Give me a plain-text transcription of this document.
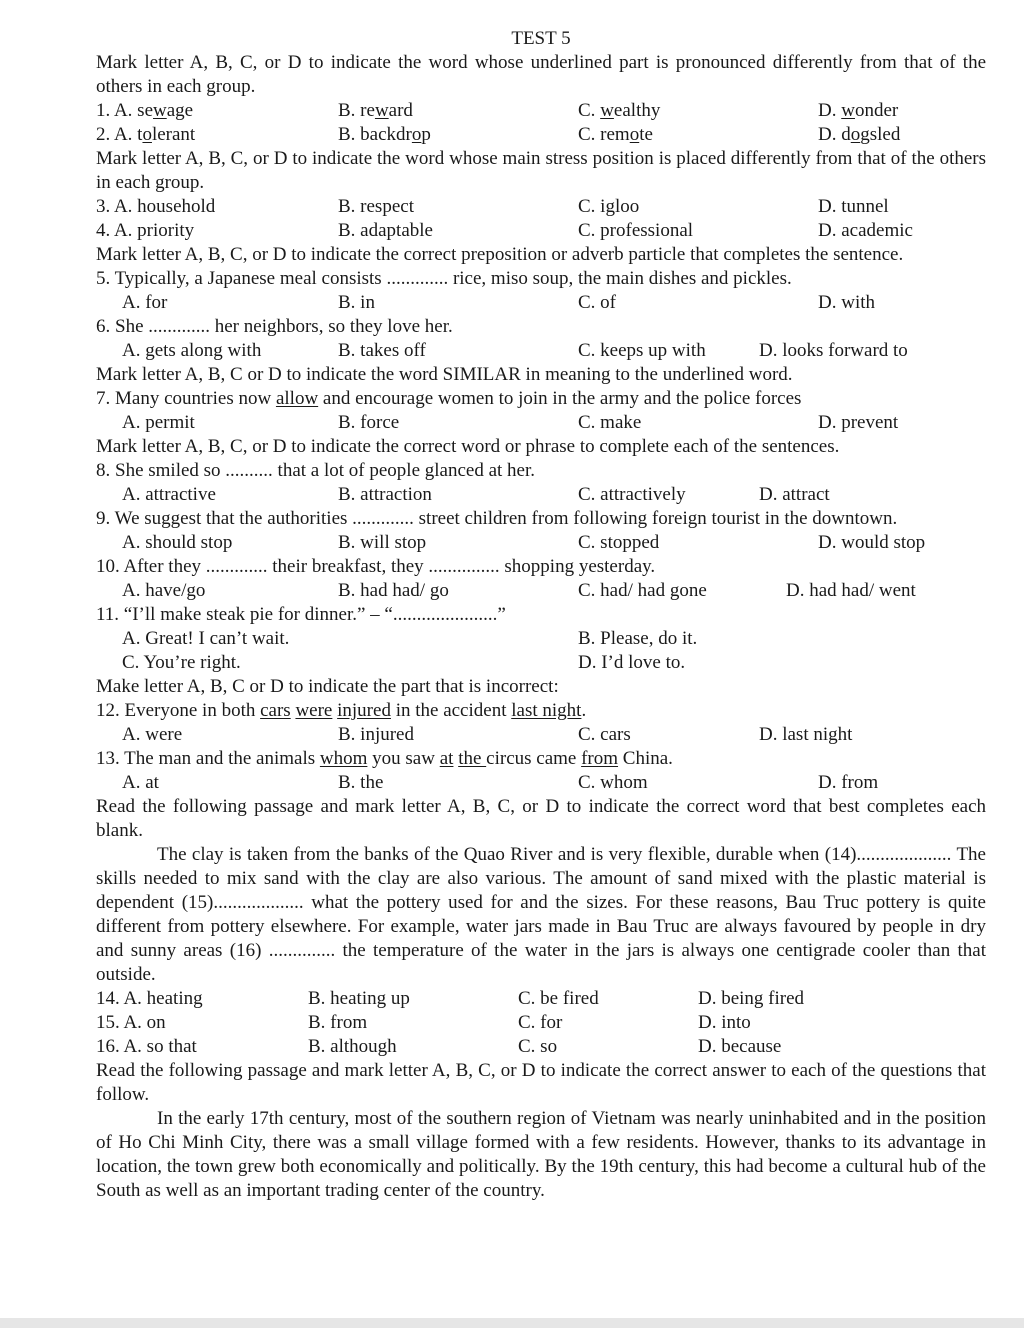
TEST 5
Mark letter A, B, C, or D to indicate the word whose underlined part is pronounced differently from that of the others in each group.
1. A. sewage	B. reward	C. wealthy	D. wonder
2. A. tolerant	B. backdrop	C. remote	D. dogsled
Mark letter A, B, C, or D to indicate the word whose main stress position is placed differently from that of the others in each group.
3. A. household	B. respect	C. igloo	D. tunnel
4. A. priority	B. adaptable	C. professional	D. academic
Mark letter A, B, C, or D to indicate the correct preposition or adverb particle that completes the sentence.
5. Typically, a Japanese meal consists ............. rice, miso soup, the main dishes and pickles.
A. for	B. in	C. of	D. with
6. She ............. her neighbors, so they love her.
A. gets along with	B. takes off	C. keeps up with	D. looks forward to
Mark letter A, B, C or D to indicate the word SIMILAR in meaning to the underlined word.
7. Many countries now allow and encourage women to join in the army and the police forces
A. permit	B. force	C. make	D. prevent
Mark letter A, B, C, or D to indicate the correct word or phrase to complete each of the sentences.
8. She smiled so .......... that a lot of people glanced at her.
A. attractive	B. attraction	C. attractively	D. attract
9. We suggest that the authorities ............. street children from following foreign tourist in the downtown.
A. should stop	B. will stop	C. stopped	D. would stop
10. After they ............. their breakfast, they ............... shopping yesterday.
A. have/go	B. had had/ go	C. had/ had gone	D. had had/ went
11. “I’ll make steak pie for dinner.” – “......................”
A. Great! I can’t wait.	B. Please, do it.
C. You’re right.	D. I’d love to.
Make letter A, B, C or D to indicate the part that is incorrect:
12. Everyone in both cars were injured in the accident last night.
A. were	B. injured	C. cars	D. last night
13. The man and the animals whom you saw at the circus came from China.
A. at	B. the	C. whom	D. from
Read the following passage and mark letter A, B, C, or D to indicate the correct word that best completes each blank.
The clay is taken from the banks of the Quao River and is very flexible, durable when (14).................... The skills needed to mix sand with the clay are also various. The amount of sand mixed with the plastic material is dependent (15)................... what the pottery used for and the sizes. For these reasons, Bau Truc pottery is quite different from pottery elsewhere. For example, water jars made in Bau Truc are always favoured by people in dry and sunny areas (16) .............. the temperature of the water in the jars is always one centigrade cooler than that outside.
14. A. heating	B. heating up	C. be fired	D. being fired
15. A. on	B. from	C. for	D. into
16. A. so that	B. although	C. so	D. because
Read the following passage and mark letter A, B, C, or D to indicate the correct answer to each of the questions that follow.
In the early 17th century, most of the southern region of Vietnam was nearly uninhabited and in the position of Ho Chi Minh City, there was a small village formed with a few residents. However, thanks to its advantage in location, the town grew both economically and politically. By the 19th century, this had become a cultural hub of the South as well as an important trading center of the country.
